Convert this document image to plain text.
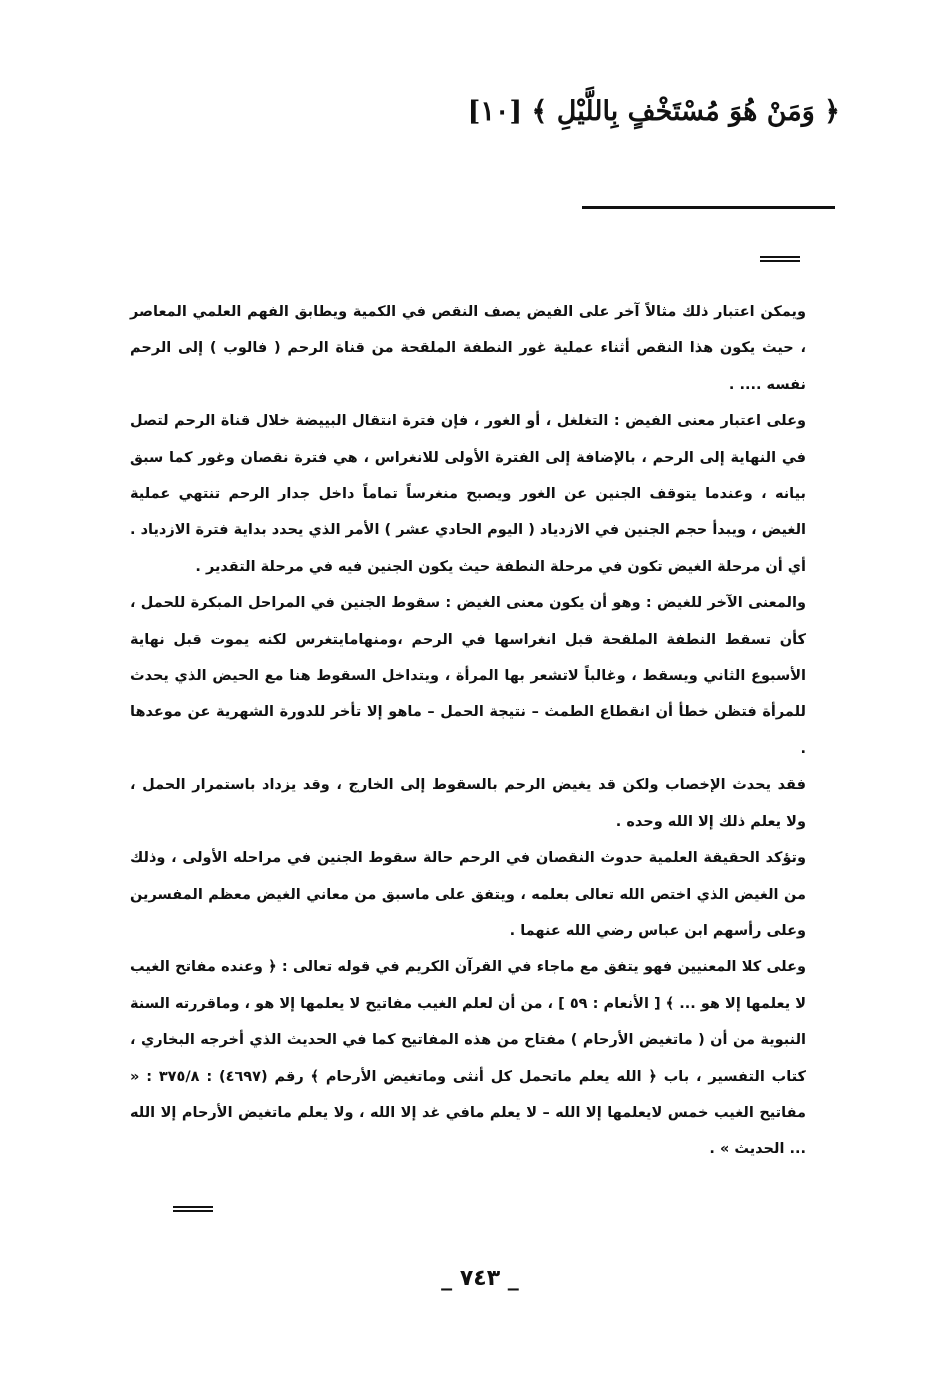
﴿ وَمَنْ هُوَ مُسْتَخْفٍ بِاللَّيْلِ ﴾ [١٠]

ويمكن اعتبار ذلك مثالاً آخر على الفيض يصف النقص في الكمية ويطابق الفهم العلمي المعاصر ، حيث يكون هذا النقص أثناء عملية غور النطفة الملقحة من قناة الرحم ( فالوب ) إلى الرحم نفسه .... .

وعلى اعتبار معنى الفيض : التغلغل ، أو الغور ، فإن فترة انتقال البييضة خلال قناة الرحم لتصل في النهاية إلى الرحم ، بالإضافة إلى الفترة الأولى للانغراس ، هي فترة نقصان وغور كما سبق بيانه ، وعندما يتوقف الجنين عن الغور ويصبح منغرساً تماماً داخل جدار الرحم تنتهي عملية الغيض ، ويبدأ حجم الجنين في الازدياد ( اليوم الحادي عشر ) الأمر الذي يحدد بداية فترة الازدياد . أي أن مرحلة الغيض تكون في مرحلة النطفة حيث يكون الجنين فيه في مرحلة التقدير .

والمعنى الآخر للغيض : وهو أن يكون معنى الغيض : سقوط الجنين في المراحل المبكرة للحمل ، كأن تسقط النطفة الملقحة قبل انغراسها في الرحم ،ومنهامايتغرس لكنه يموت قبل نهاية الأسبوع الثاني ويسقط ، وغالباً لاتشعر بها المرأة ، ويتداخل السقوط هنا مع الحيض الذي يحدث للمرأة فتظن خطأ أن انقطاع الطمث – نتيجة الحمل – ماهو إلا تأخر للدورة الشهرية عن موعدها .

فقد يحدث الإخصاب ولكن قد يغيض الرحم بالسقوط إلى الخارج ، وقد يزداد باستمرار الحمل ، ولا يعلم ذلك إلا الله وحده .

وتؤكد الحقيقة العلمية حدوث النقصان في الرحم حالة سقوط الجنين في مراحله الأولى ، وذلك من الغيض الذي اختص الله تعالى بعلمه ، ويتفق على ماسبق من معاني الغيض معظم المفسرين وعلى رأسهم ابن عباس رضي الله عنهما .

وعلى كلا المعنيين فهو يتفق مع ماجاء في القرآن الكريم في قوله تعالى : ﴿ وعنده مفاتح الغيب لا يعلمها إلا هو ... ﴾ [ الأنعام : ٥٩ ] ، من أن لعلم الغيب مفاتيح لا يعلمها إلا هو ، وماقررته السنة النبوية من أن ( ماتغيض الأرحام ) مفتاح من هذه المفاتيح كما في الحديث الذي أخرجه البخاري ، كتاب التفسير ، باب ﴿ الله يعلم ماتحمل كل أنثى وماتغيض الأرحام ﴾ رقم (٤٦٩٧) : ٣٧٥/٨ : « مفاتيح الغيب خمس لايعلمها إلا الله – لا يعلم مافي غد إلا الله ، ولا يعلم ماتغيض الأرحام إلا الله ... الحديث » .

_ ٧٤٣ _
